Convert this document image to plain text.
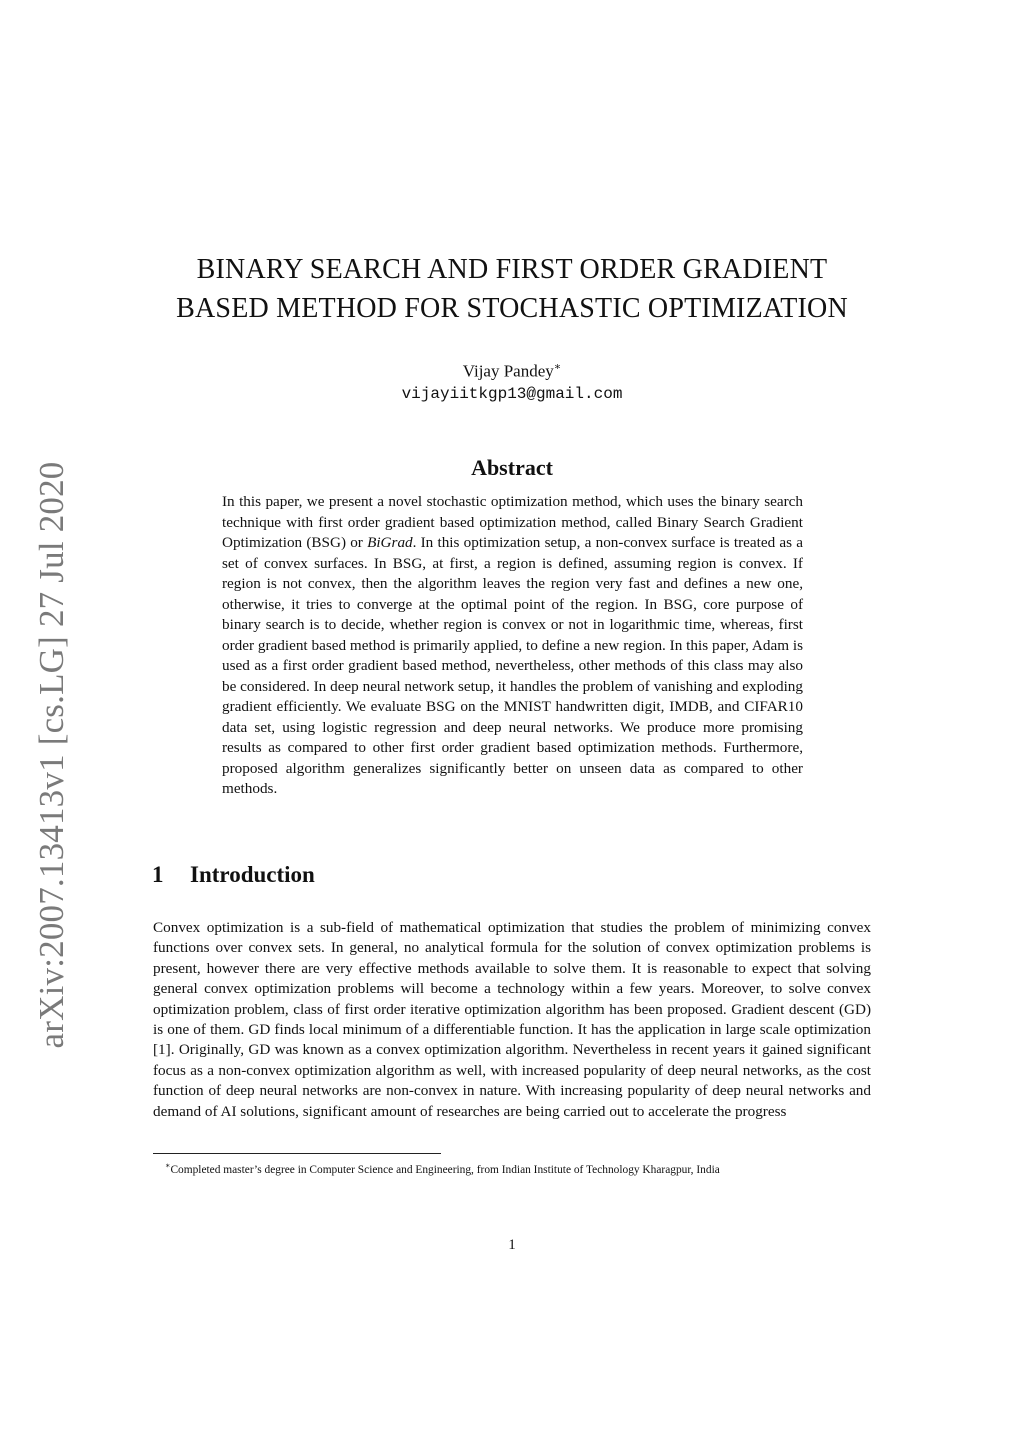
arXiv:2007.13413v1 [cs.LG] 27 Jul 2020
BINARY SEARCH AND FIRST ORDER GRADIENT
BASED METHOD FOR STOCHASTIC OPTIMIZATION
Vijay Pandey∗
vijayiitkgp13@gmail.com
Abstract
In this paper, we present a novel stochastic optimization method, which uses the binary search technique with first order gradient based optimization method, called Binary Search Gradient Optimization (BSG) or BiGrad. In this optimization setup, a non-convex surface is treated as a set of convex surfaces. In BSG, at first, a region is defined, assuming region is convex. If region is not convex, then the algorithm leaves the region very fast and defines a new one, otherwise, it tries to converge at the optimal point of the region. In BSG, core purpose of binary search is to decide, whether region is convex or not in logarithmic time, whereas, first order gradient based method is primarily applied, to define a new region. In this paper, Adam is used as a first order gradient based method, nevertheless, other methods of this class may also be considered. In deep neural network setup, it handles the problem of vanishing and exploding gradient efficiently. We evaluate BSG on the MNIST handwritten digit, IMDB, and CIFAR10 data set, using logistic regression and deep neural networks. We produce more promising results as compared to other first order gradient based optimization methods. Furthermore, proposed algorithm generalizes significantly better on unseen data as compared to other methods.
1 Introduction
Convex optimization is a sub-field of mathematical optimization that studies the problem of minimizing convex functions over convex sets. In general, no analytical formula for the solution of convex optimization problems is present, however there are very effective methods available to solve them. It is reasonable to expect that solving general convex optimization problems will become a technology within a few years. Moreover, to solve convex optimization problem, class of first order iterative optimization algorithm has been proposed. Gradient descent (GD) is one of them. GD finds local minimum of a differentiable function. It has the application in large scale optimization [1]. Originally, GD was known as a convex optimization algorithm. Nevertheless in recent years it gained significant focus as a non-convex optimization algorithm as well, with increased popularity of deep neural networks, as the cost function of deep neural networks are non-convex in nature. With increasing popularity of deep neural networks and demand of AI solutions, significant amount of researches are being carried out to accelerate the progress
∗Completed master’s degree in Computer Science and Engineering, from Indian Institute of Technology Kharagpur, India
1
